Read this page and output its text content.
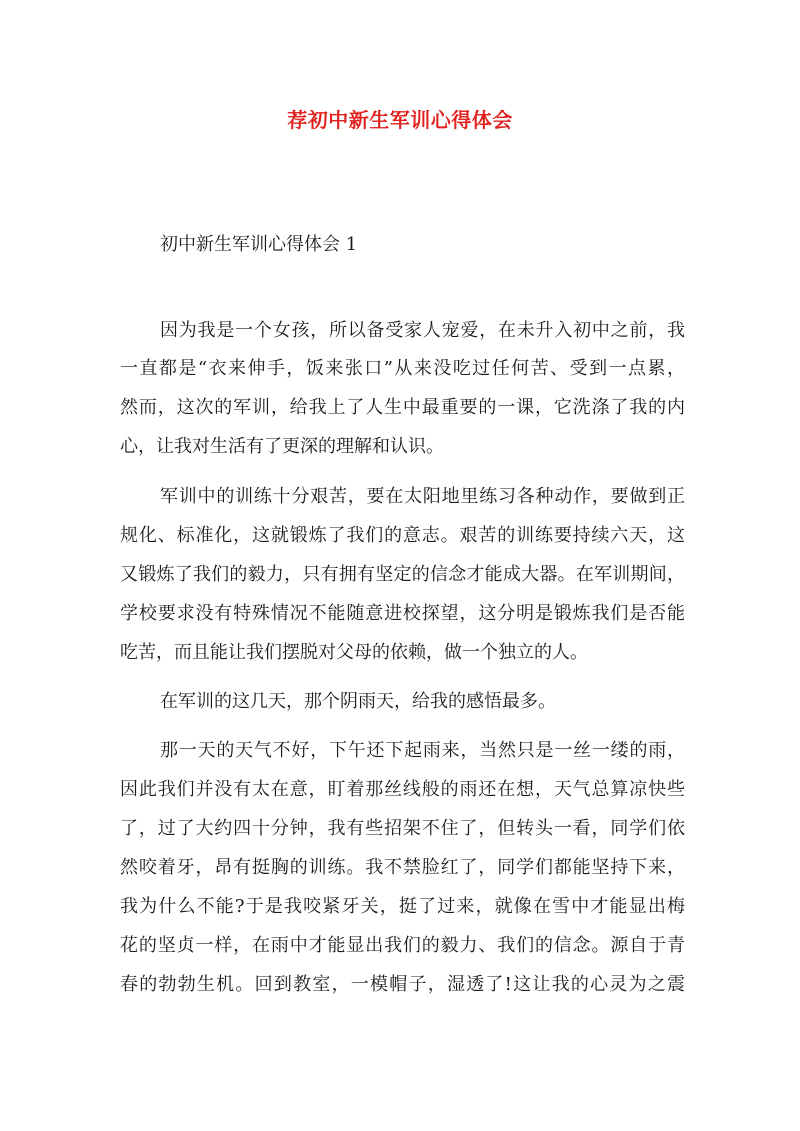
荐初中新生军训心得体会
初中新生军训心得体会 1
因为我是一个女孩，所以备受家人宠爱，在未升入初中之前，我
一直都是“衣来伸手，饭来张口”从来没吃过任何苦、受到一点累，
然而，这次的军训，给我上了人生中最重要的一课，它洗涤了我的内
心，让我对生活有了更深的理解和认识。
军训中的训练十分艰苦，要在太阳地里练习各种动作，要做到正
规化、标准化，这就锻炼了我们的意志。艰苦的训练要持续六天，这
又锻炼了我们的毅力，只有拥有坚定的信念才能成大器。在军训期间，
学校要求没有特殊情况不能随意进校探望，这分明是锻炼我们是否能
吃苦，而且能让我们摆脱对父母的依赖，做一个独立的人。
在军训的这几天，那个阴雨天，给我的感悟最多。
那一天的天气不好，下午还下起雨来，当然只是一丝一缕的雨，
因此我们并没有太在意，盯着那丝线般的雨还在想，天气总算凉快些
了，过了大约四十分钟，我有些招架不住了，但转头一看，同学们依
然咬着牙，昂有挺胸的训练。我不禁脸红了，同学们都能坚持下来，
我为什么不能?于是我咬紧牙关，挺了过来，就像在雪中才能显出梅
花的坚贞一样，在雨中才能显出我们的毅力、我们的信念。源自于青
春的勃勃生机。回到教室，一模帽子，湿透了!这让我的心灵为之震
